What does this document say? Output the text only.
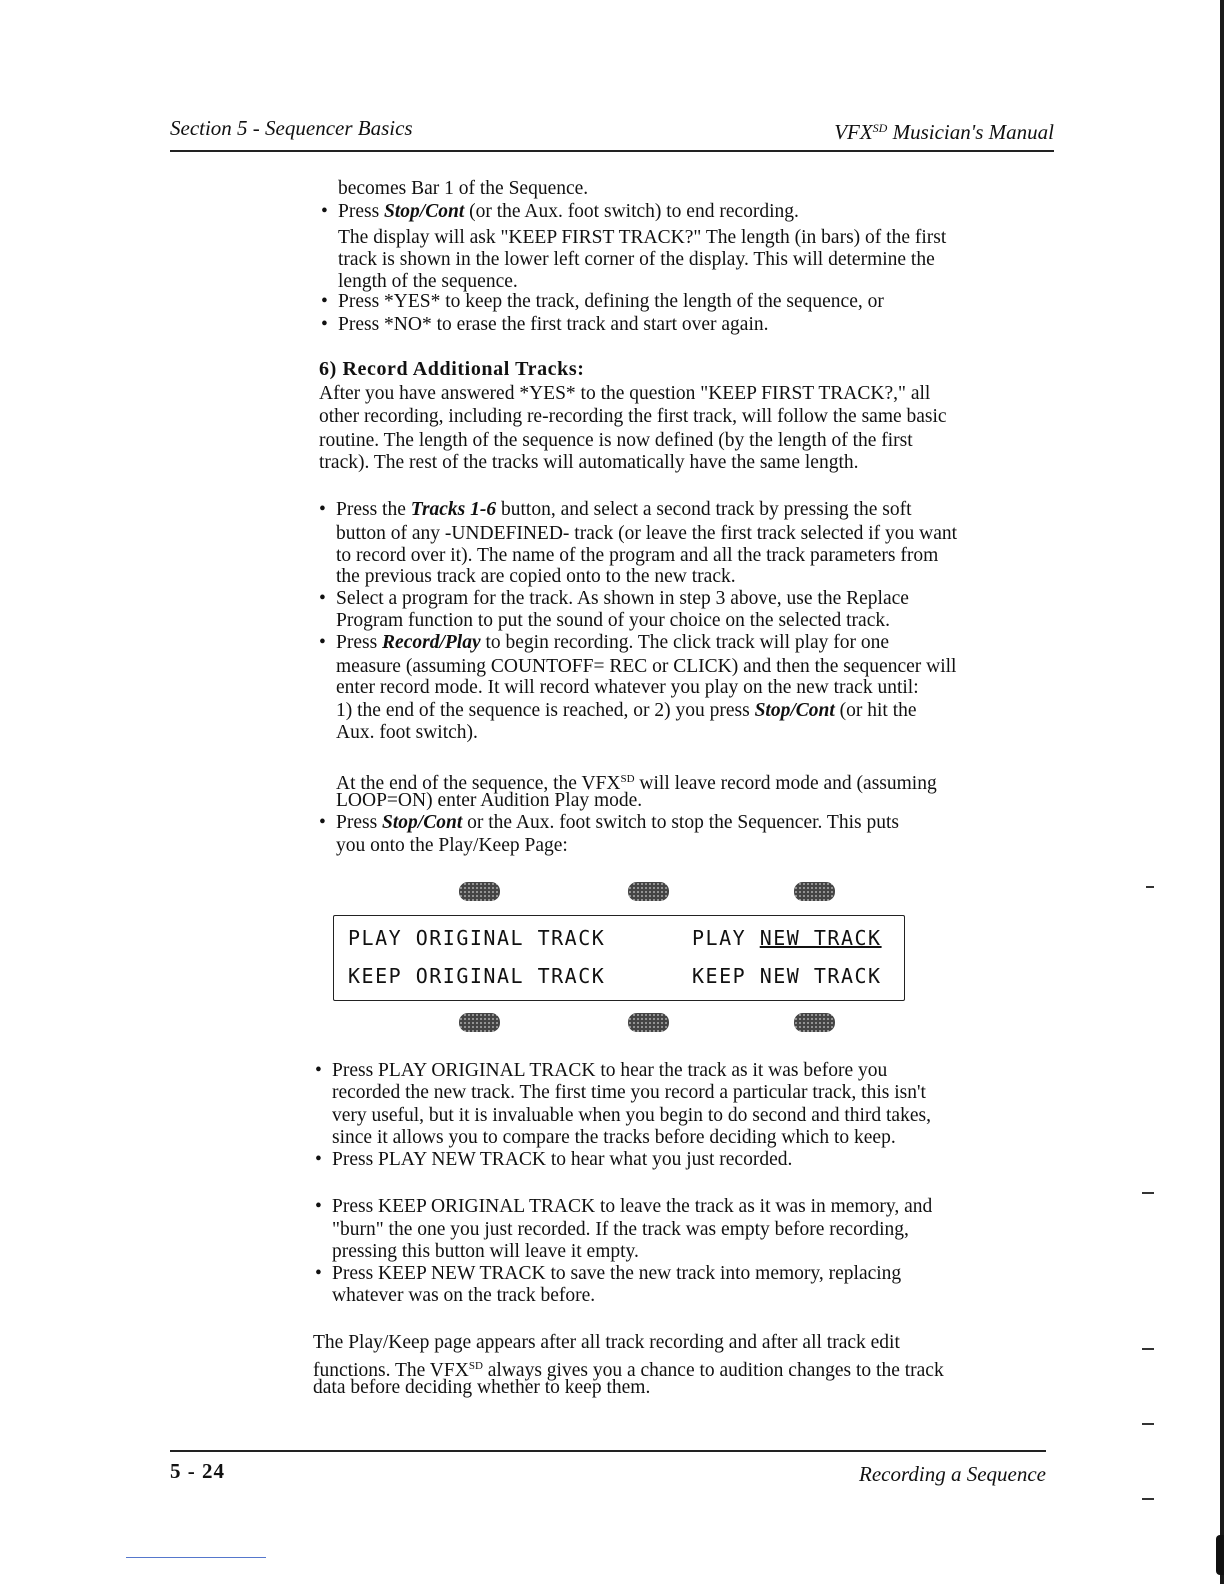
Section 5 - Sequencer Basics	$VFX^{SD}$ Musician's Manual
becomes Bar 1 of the Sequence.
• Press Stop/Cont (or the Aux. foot switch) to end recording.
The display will ask "KEEP FIRST TRACK?" The length (in bars) of the first
track is shown in the lower left corner of the display. This will determine the
length of the sequence.
• Press *YES* to keep the track, defining the length of the sequence, or
• Press *NO* to erase the first track and start over again.
6) Record Additional Tracks:
After you have answered *YES* to the question "KEEP FIRST TRACK?," all
other recording, including re-recording the first track, will follow the same basic
routine. The length of the sequence is now defined (by the length of the first
track). The rest of the tracks will automatically have the same length.
• Press the Tracks 1-6 button, and select a second track by pressing the soft
button of any -UNDEFINED- track (or leave the first track selected if you want
to record over it). The name of the program and all the track parameters from
the previous track are copied onto to the new track.
• Select a program for the track. As shown in step 3 above, use the Replace
Program function to put the sound of your choice on the selected track.
• Press Record/Play to begin recording. The click track will play for one
measure (assuming COUNTOFF= REC or CLICK) and then the sequencer will
enter record mode. It will record whatever you play on the new track until:
1) the end of the sequence is reached, or 2) you press Stop/Cont (or hit the
Aux. foot switch).
At the end of the sequence, the $VFX^{SD}$ will leave record mode and (assuming
LOOP=ON) enter Audition Play mode.
• Press Stop/Cont or the Aux. foot switch to stop the Sequencer. This puts
you onto the Play/Keep Page:
PLAY ORIGINAL TRACK	PLAY NEW TRACK
KEEP ORIGINAL TRACK	KEEP NEW TRACK
• Press PLAY ORIGINAL TRACK to hear the track as it was before you
recorded the new track. The first time you record a particular track, this isn't
very useful, but it is invaluable when you begin to do second and third takes,
since it allows you to compare the tracks before deciding which to keep.
• Press PLAY NEW TRACK to hear what you just recorded.
• Press KEEP ORIGINAL TRACK to leave the track as it was in memory, and
"burn" the one you just recorded. If the track was empty before recording,
pressing this button will leave it empty.
• Press KEEP NEW TRACK to save the new track into memory, replacing
whatever was on the track before.
The Play/Keep page appears after all track recording and after all track edit
functions. The $VFX^{SD}$ always gives you a chance to audition changes to the track
data before deciding whether to keep them.
5 - 24	Recording a Sequence
